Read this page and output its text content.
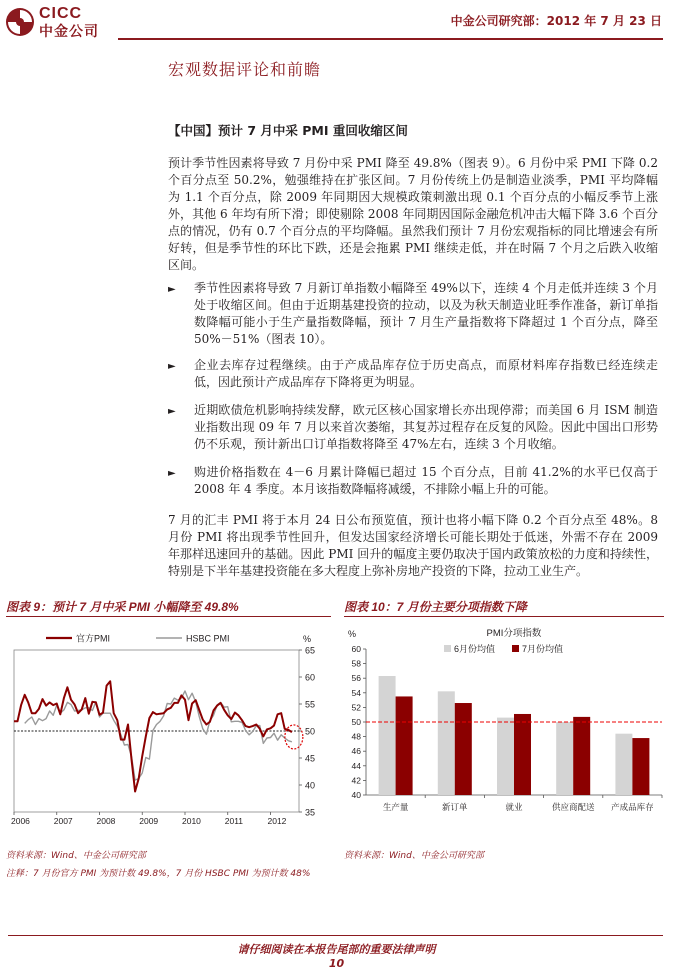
CICC
中金公司
中金公司研究部：2012 年 7 月 23 日
宏观数据评论和前瞻
【中国】预计 7 月中采 PMI 重回收缩区间
预计季节性因素将导致 7 月份中采 PMI 降至 49.8%（图表 9）。6 月份中采 PMI 下降 0.2 个百分点至 50.2%，勉强维持在扩张区间。7 月份传统上仍是制造业淡季，PMI 平均降幅为 1.1 个百分点，除 2009 年同期因大规模政策刺激出现 0.1 个百分点的小幅反季节上涨外，其他 6 年均有所下滑；即使剔除 2008 年同期因国际金融危机冲击大幅下降 3.6 个百分点的情况，仍有 0.7 个百分点的平均降幅。虽然我们预计 7 月份宏观指标的同比增速会有所好转，但是季节性的环比下跌，还是会拖累 PMI 继续走低，并在时隔 7 个月之后跌入收缩区间。
►	季节性因素将导致 7 月新订单指数小幅降至 49%以下，连续 4 个月走低并连续 3 个月处于收缩区间。但由于近期基建投资的拉动，以及为秋天制造业旺季作准备，新订单指数降幅可能小于生产量指数降幅，预计 7 月生产量指数将下降超过 1 个百分点，降至 50%－51%（图表 10）。
►	企业去库存过程继续。由于产成品库存位于历史高点，而原材料库存指数已经连续走低，因此预计产成品库存下降将更为明显。
►	近期欧债危机影响持续发酵，欧元区核心国家增长亦出现停滞；而美国 6 月 ISM 制造业指数出现 09 年 7 月以来首次萎缩，其复苏过程存在反复的风险。因此中国出口形势仍不乐观，预计新出口订单指数将降至 47%左右，连续 3 个月收缩。
►	购进价格指数在 4－6 月累计降幅已超过 15 个百分点，目前 41.2%的水平已仅高于 2008 年 4 季度。本月该指数降幅将减缓，不排除小幅上升的可能。
7 月的汇丰 PMI 将于本月 24 日公布预览值，预计也将小幅下降 0.2 个百分点至 48%。8 月份 PMI 将出现季节性回升，但发达国家经济增长可能长期处于低迷，外需不存在 2009 年那样迅速回升的基础。因此 PMI 回升的幅度主要仍取决于国内政策放松的力度和持续性，特别是下半年基建投资能在多大程度上弥补房地产投资的下降，拉动工业生产。
图表 9：预计 7 月中采 PMI 小幅降至 49.8%	图表 10：7 月份主要分项指数下降
35
40
45
50
55
60
65
%
2006	2007	2008	2009	2010	2011	2012
官方PMI	HSBC PMI	PMI分项指数
%
40
42
44
46
48
50
52
54
56
58
60
生产量	新订单	就业	供应商配送 产成品库存
6月份均值	7月份均值
资料来源：Wind、中金公司研究部	资料来源：Wind、中金公司研究部
注释：7 月份官方 PMI 为预计数 49.8%，7 月份 HSBC PMI 为预计数 48%
请仔细阅读在本报告尾部的重要法律声明
10
